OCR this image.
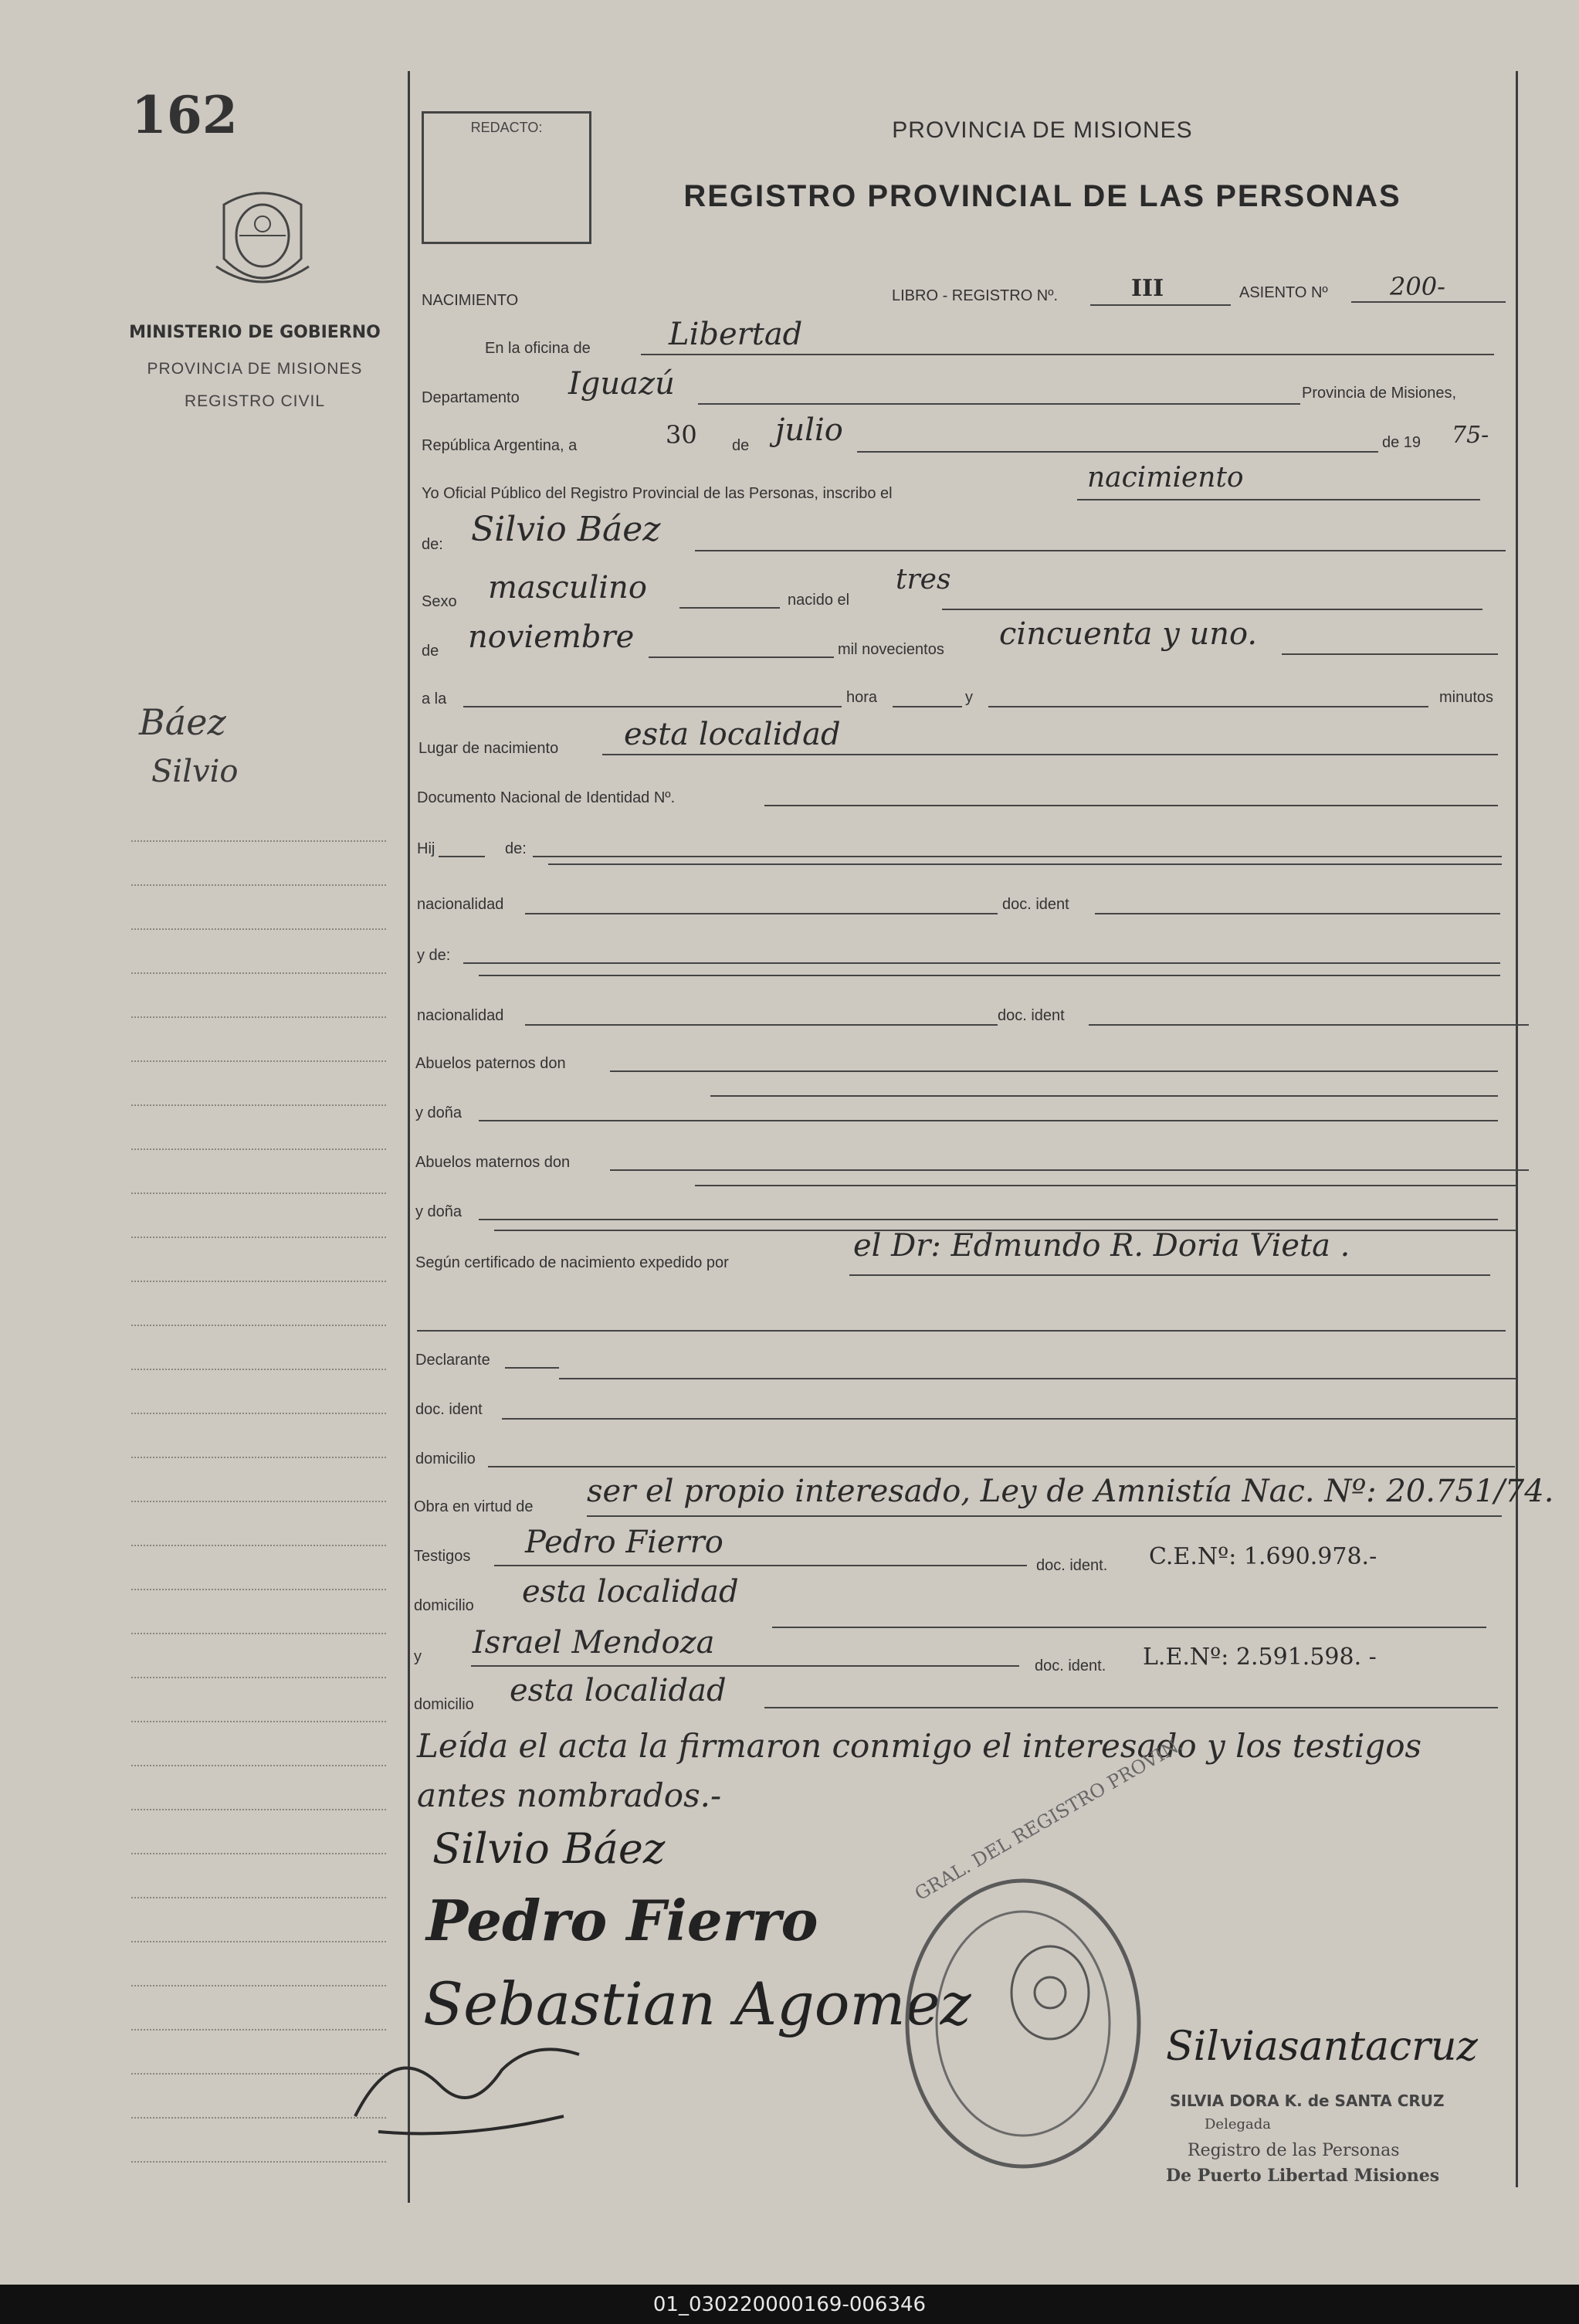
162
MINISTERIO DE GOBIERNO
PROVINCIA DE MISIONES
REGISTRO CIVIL
Báez
Silvio
REDACTO:	PROVINCIA DE MISIONES
REGISTRO PROVINCIAL DE LAS PERSONAS
NACIMIENTO	LIBRO - REGISTRO Nº.	III	ASIENTO Nº	200-
En la oficina de	Libertad
Departamento Iguazú	Provincia de Misiones,
República Argentina, a	30 de julio	de 19 75-
Yo Oficial Público del Registro Provincial de las Personas, inscribo el	nacimiento
de: Silvio Báez
Sexo masculino	nacido el
tres
de noviembre	mil novecientos cincuenta y uno.
a la	hora	y	minutos
Lugar de nacimiento esta localidad
Documento Nacional de Identidad Nº.
Hij	de:
nacionalidad	doc. ident
y de:
nacionalidad	doc. ident
Abuelos paternos don
y doña
Abuelos maternos don
y doña
Según certificado de nacimiento expedido por	el Dr: Edmundo R. Doria Vieta .
Declarante
doc. ident
domicilio
Obra en virtud de ser el propio interesado, Ley de Amnistía Nac. Nº: 20.751/74.
Testigos Pedro Fierro
doc. ident. C.E.Nº: 1.690.978.-
domicilio esta localidad
y Israel Mendoza
doc. ident. L.E.Nº: 2.591.598. -
domicilio esta localidad
Leída el acta la firmaron conmigo el interesado y los testigos
antes nombrados.-
Silvio Báez
Pedro Fierro
Sebastian Agomez
GRAL. DEL REGISTRO PROVIN.
Silviasantacruz
SILVIA DORA K. de SANTA CRUZ
Delegada
Registro de las Personas
De Puerto Libertad Misiones
01_030220000169-006346
